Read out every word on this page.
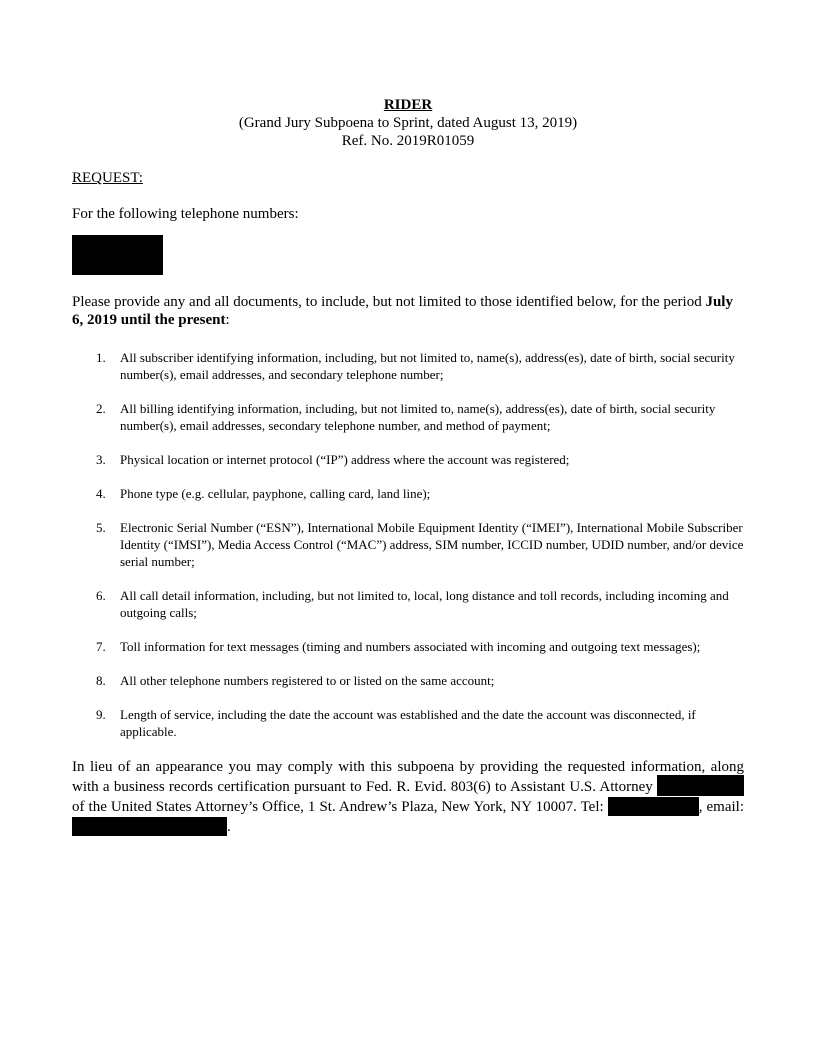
RIDER
(Grand Jury Subpoena to Sprint, dated August 13, 2019)
Ref. No. 2019R01059
REQUEST:
For the following telephone numbers:
Please provide any and all documents, to include, but not limited to those identified below, for the period July 6, 2019 until the present:
1.	All subscriber identifying information, including, but not limited to, name(s), address(es), date of birth, social security number(s), email addresses, and secondary telephone number;
2.	All billing identifying information, including, but not limited to, name(s), address(es), date of birth, social security number(s), email addresses, secondary telephone number, and method of payment;
3.	Physical location or internet protocol (“IP”) address where the account was registered;
4.	Phone type (e.g. cellular, payphone, calling card, land line);
5.	Electronic Serial Number (“ESN”), International Mobile Equipment Identity (“IMEI”), International Mobile Subscriber Identity (“IMSI”), Media Access Control (“MAC”) address, SIM number, ICCID number, UDID number, and/or device serial number;
6.	All call detail information, including, but not limited to, local, long distance and toll records, including incoming and outgoing calls;
7.	Toll information for text messages (timing and numbers associated with incoming and outgoing text messages);
8.	All other telephone numbers registered to or listed on the same account;
9.	Length of service, including the date the account was established and the date the account was disconnected, if applicable.
In lieu of an appearance you may comply with this subpoena by providing the requested information, along with a business records certification pursuant to Fed. R. Evid. 803(6) to Assistant U.S. Attorney  of the United States Attorney’s Office, 1 St. Andrew’s Plaza, New York, NY 10007. Tel:	, email: .
